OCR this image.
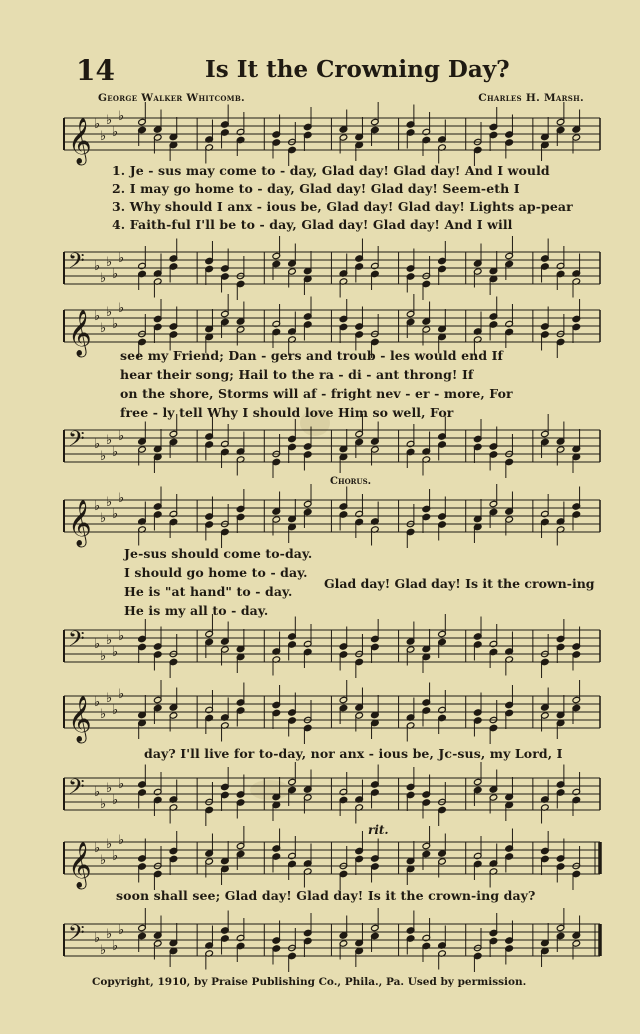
14	Is It the Crowning Day?
George Walker Whitcomb.	Charles H. Marsh.
𝄞 ♭
♭
♭
♭
♭
1. Je - sus may come to - day, Glad day! Glad day! And I would
2. I may go home to - day, Glad day! Glad day! Seem-eth I
3. Why should I anx - ious be, Glad day! Glad day! Lights ap-pear
4. Faith-ful I'll be to - day, Glad day! Glad day! And I will
𝄢 ♭
♭
♭
♭
♭
𝄞 ♭
♭
♭
♭
♭
see my Friend; Dan - gers and troub - les would end If
hear their song; Hail to the ra - di - ant throng! If
on the shore, Storms will af - fright nev - er - more, For
free - ly tell Why I should love Him so well, For
𝄢 ♭
♭
♭
♭
♭
Chorus.
𝄞 ♭
♭
♭
♭
♭
Je-sus should come to-day.
I should go home to - day.
He is "at hand" to - day.
He is my all to - day.
𝄢 ♭
♭
♭
♭
♭
Glad day! Glad day! Is it the crown-ing
𝄞 ♭
♭
♭
♭
♭
day? I'll live for to-day, nor anx - ious be, Jc-sus, my Lord, I
𝄢 ♭
♭
♭
♭
♭
rit.
𝄞 ♭
♭
♭
♭
♭
soon shall see; Glad day! Glad day! Is it the crown-ing day?
𝄢 ♭
♭
♭
♭
♭
Copyright, 1910, by Praise Publishing Co., Phila., Pa. Used by permission.
